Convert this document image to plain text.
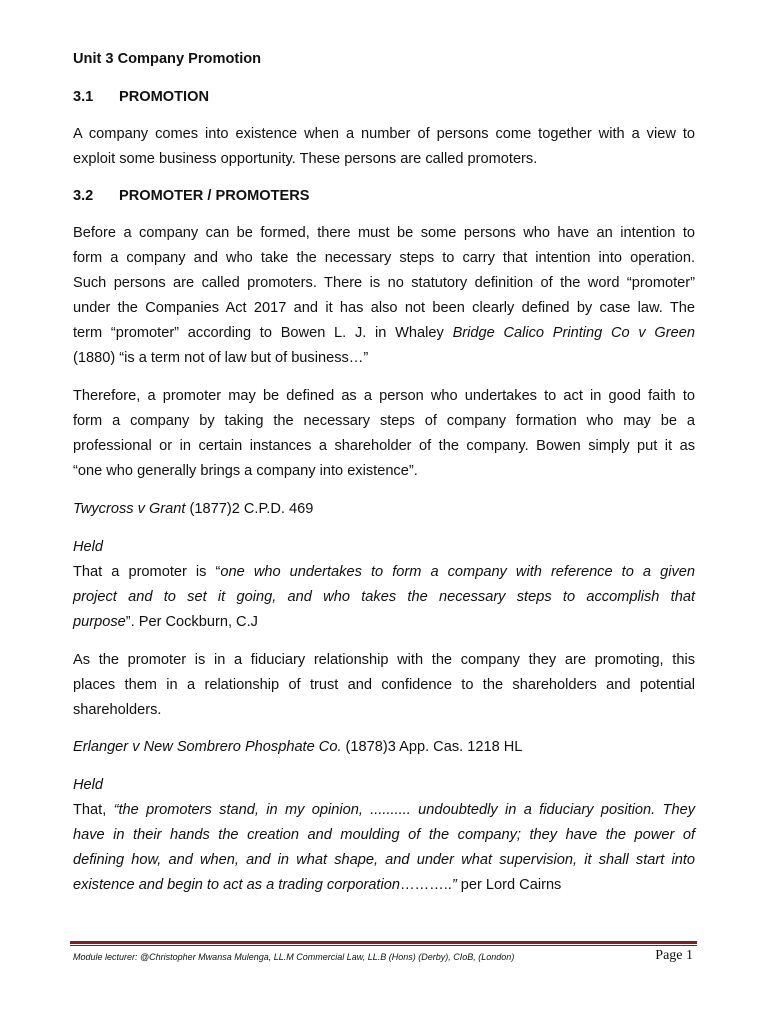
Unit 3 Company Promotion
3.1 PROMOTION
A company comes into existence when a number of persons come together with a view to
exploit some business opportunity. These persons are called promoters.
3.2 PROMOTER / PROMOTERS
Before a company can be formed, there must be some persons who have an intention to
form a company and who take the necessary steps to carry that intention into operation.
Such persons are called promoters. There is no statutory definition of the word “promoter”
under the Companies Act 2017 and it has also not been clearly defined by case law. The
term “promoter” according to Bowen L. J. in Whaley Bridge Calico Printing Co v Green
(1880) “is a term not of law but of business…”
Therefore, a promoter may be defined as a person who undertakes to act in good faith to
form a company by taking the necessary steps of company formation who may be a
professional or in certain instances a shareholder of the company. Bowen simply put it as
“one who generally brings a company into existence”.
Twycross v Grant (1877)2 C.P.D. 469
Held
That a promoter is “one who undertakes to form a company with reference to a given
project and to set it going, and who takes the necessary steps to accomplish that
purpose”. Per Cockburn, C.J
As the promoter is in a fiduciary relationship with the company they are promoting, this
places them in a relationship of trust and confidence to the shareholders and potential
shareholders.
Erlanger v New Sombrero Phosphate Co. (1878)3 App. Cas. 1218 HL
Held
That, “the promoters stand, in my opinion, .......... undoubtedly in a fiduciary position. They
have in their hands the creation and moulding of the company; they have the power of
defining how, and when, and in what shape, and under what supervision, it shall start into
existence and begin to act as a trading corporation………..” per Lord Cairns
Module lecturer: @Christopher Mwansa Mulenga, LL.M Commercial Law, LL.B (Hons) (Derby), CIoB, (London)	Page 1
